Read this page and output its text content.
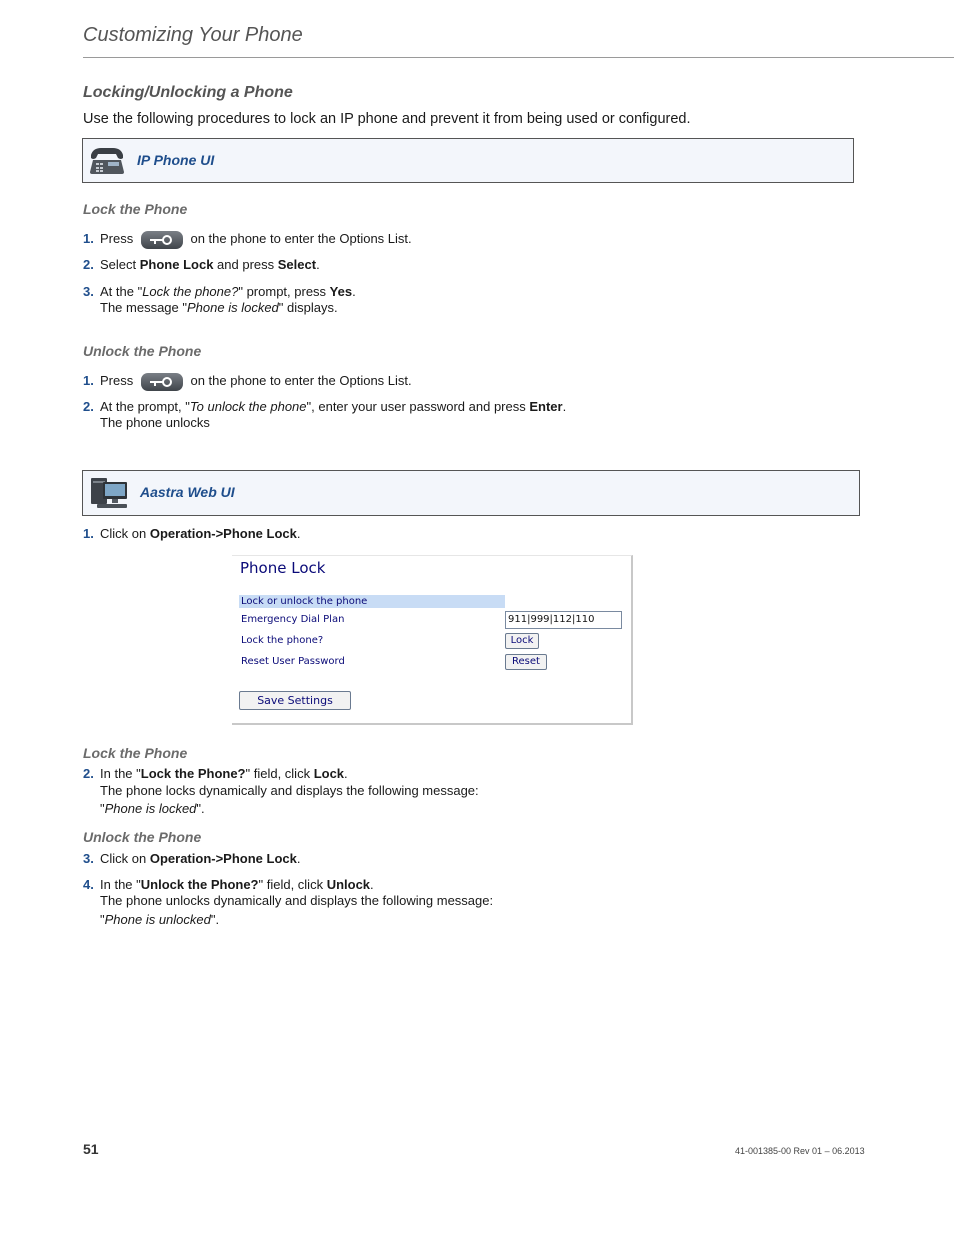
Customizing Your Phone
Locking/Unlocking a Phone
Use the following procedures to lock an IP phone and prevent it from being used or configured.
IP Phone UI
Lock the Phone
1. Press	on the phone to enter the Options List.
2. Select Phone Lock and press Select.
3. At the "Lock the phone?" prompt, press Yes.
The message "Phone is locked" displays.
Unlock the Phone
1. Press	on the phone to enter the Options List.
2. At the prompt, "To unlock the phone", enter your user password and press Enter.
The phone unlocks
Aastra Web UI
1. Click on Operation->Phone Lock.
Phone Lock
Lock or unlock the phone
Emergency Dial Plan	911|999|112|110
Lock the phone?	Lock
Reset User Password	Reset
Save Settings
Lock the Phone
2. In the "Lock the Phone?" field, click Lock.
The phone locks dynamically and displays the following message:
"Phone is locked".
Unlock the Phone
3. Click on Operation->Phone Lock.
4. In the "Unlock the Phone?" field, click Unlock.
The phone unlocks dynamically and displays the following message:
"Phone is unlocked".
51	41-001385-00 Rev 01 – 06.2013
